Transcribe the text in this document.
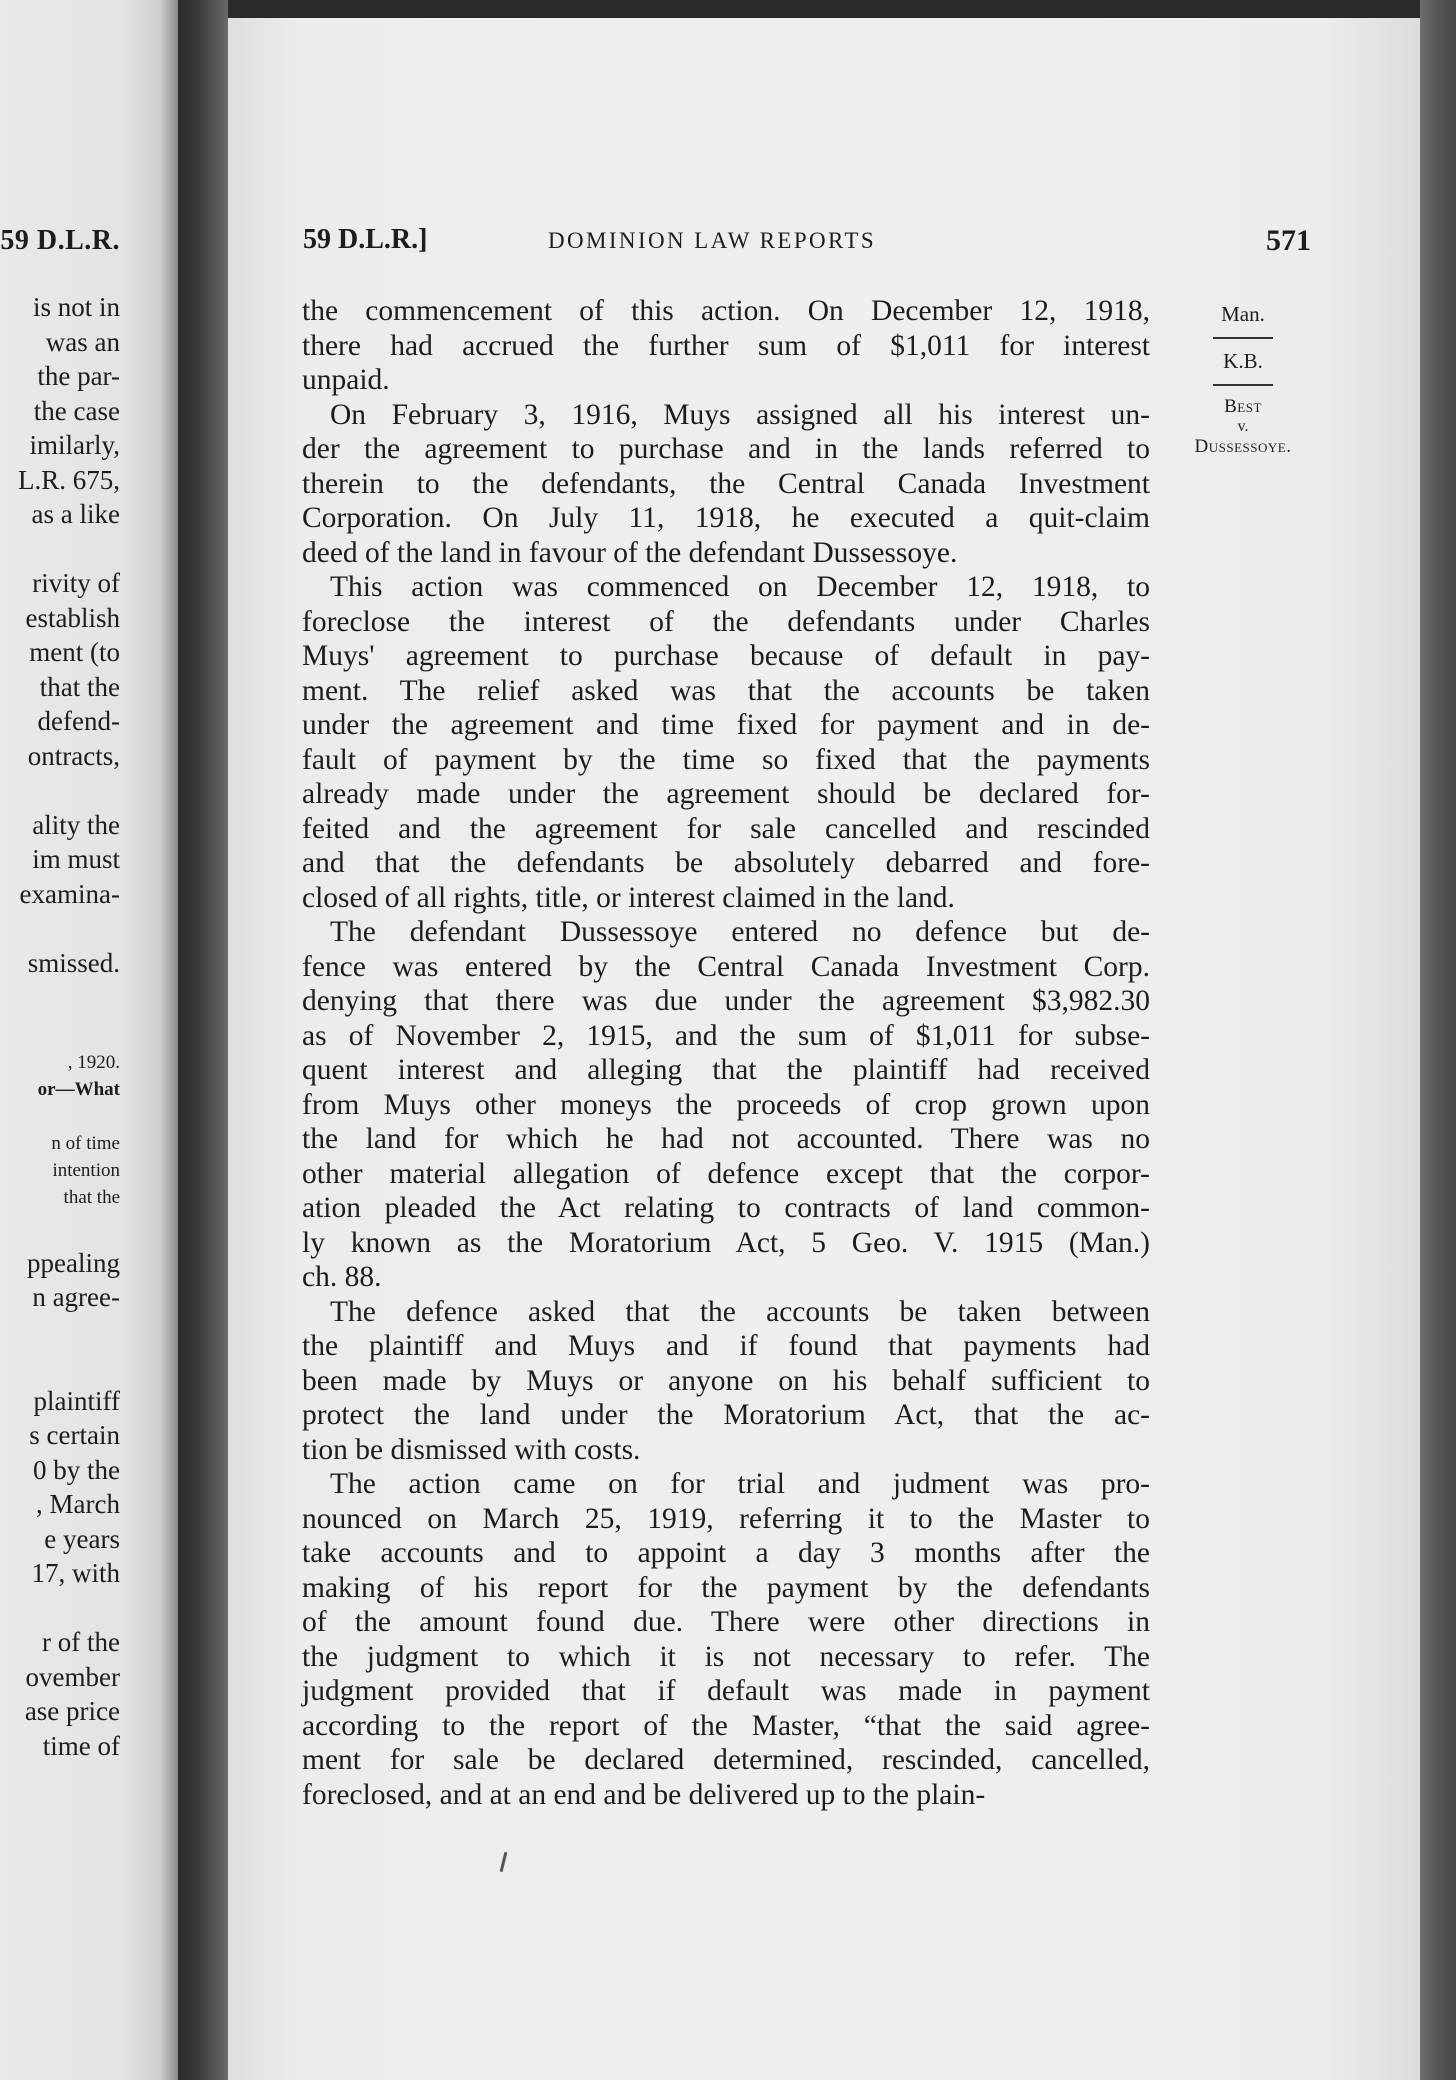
59 D.L.R.
is not in
was an
the par-
the case
imilarly,
L.R. 675,
as a like

rivity of
establish
ment (to
that the
defend-
ontracts,

ality the
im must
examina-

smissed.

, 1920.
or—What

n of time
intention
that the

ppealing
n agree-

plaintiff
s certain
0 by the
, March
e years
17, with

r of the
ovember
ase price
time of
59 D.L.R.]	DOMINION LAW REPORTS	571
Man.
K.B.
Best
v.
Dussessoye.

the commencement of this action. On December 12, 1918,
there had accrued the further sum of $1,011 for interest
unpaid.

On February 3, 1916, Muys assigned all his interest un-
der the agreement to purchase and in the lands referred to
therein to the defendants, the Central Canada Investment
Corporation. On July 11, 1918, he executed a quit-claim
deed of the land in favour of the defendant Dussessoye.

This action was commenced on December 12, 1918, to
foreclose the interest of the defendants under Charles
Muys' agreement to purchase because of default in pay-
ment. The relief asked was that the accounts be taken
under the agreement and time fixed for payment and in de-
fault of payment by the time so fixed that the payments
already made under the agreement should be declared for-
feited and the agreement for sale cancelled and rescinded
and that the defendants be absolutely debarred and fore-
closed of all rights, title, or interest claimed in the land.

The defendant Dussessoye entered no defence but de-
fence was entered by the Central Canada Investment Corp.
denying that there was due under the agreement $3,982.30
as of November 2, 1915, and the sum of $1,011 for subse-
quent interest and alleging that the plaintiff had received
from Muys other moneys the proceeds of crop grown upon
the land for which he had not accounted. There was no
other material allegation of defence except that the corpor-
ation pleaded the Act relating to contracts of land common-
ly known as the Moratorium Act, 5 Geo. V. 1915 (Man.)
ch. 88.

The defence asked that the accounts be taken between
the plaintiff and Muys and if found that payments had
been made by Muys or anyone on his behalf sufficient to
protect the land under the Moratorium Act, that the ac-
tion be dismissed with costs.

The action came on for trial and judment was pro-
nounced on March 25, 1919, referring it to the Master to
take accounts and to appoint a day 3 months after the
making of his report for the payment by the defendants
of the amount found due. There were other directions in
the judgment to which it is not necessary to refer. The
judgment provided that if default was made in payment
according to the report of the Master, “that the said agree-
ment for sale be declared determined, rescinded, cancelled,
foreclosed, and at an end and be delivered up to the plain-
